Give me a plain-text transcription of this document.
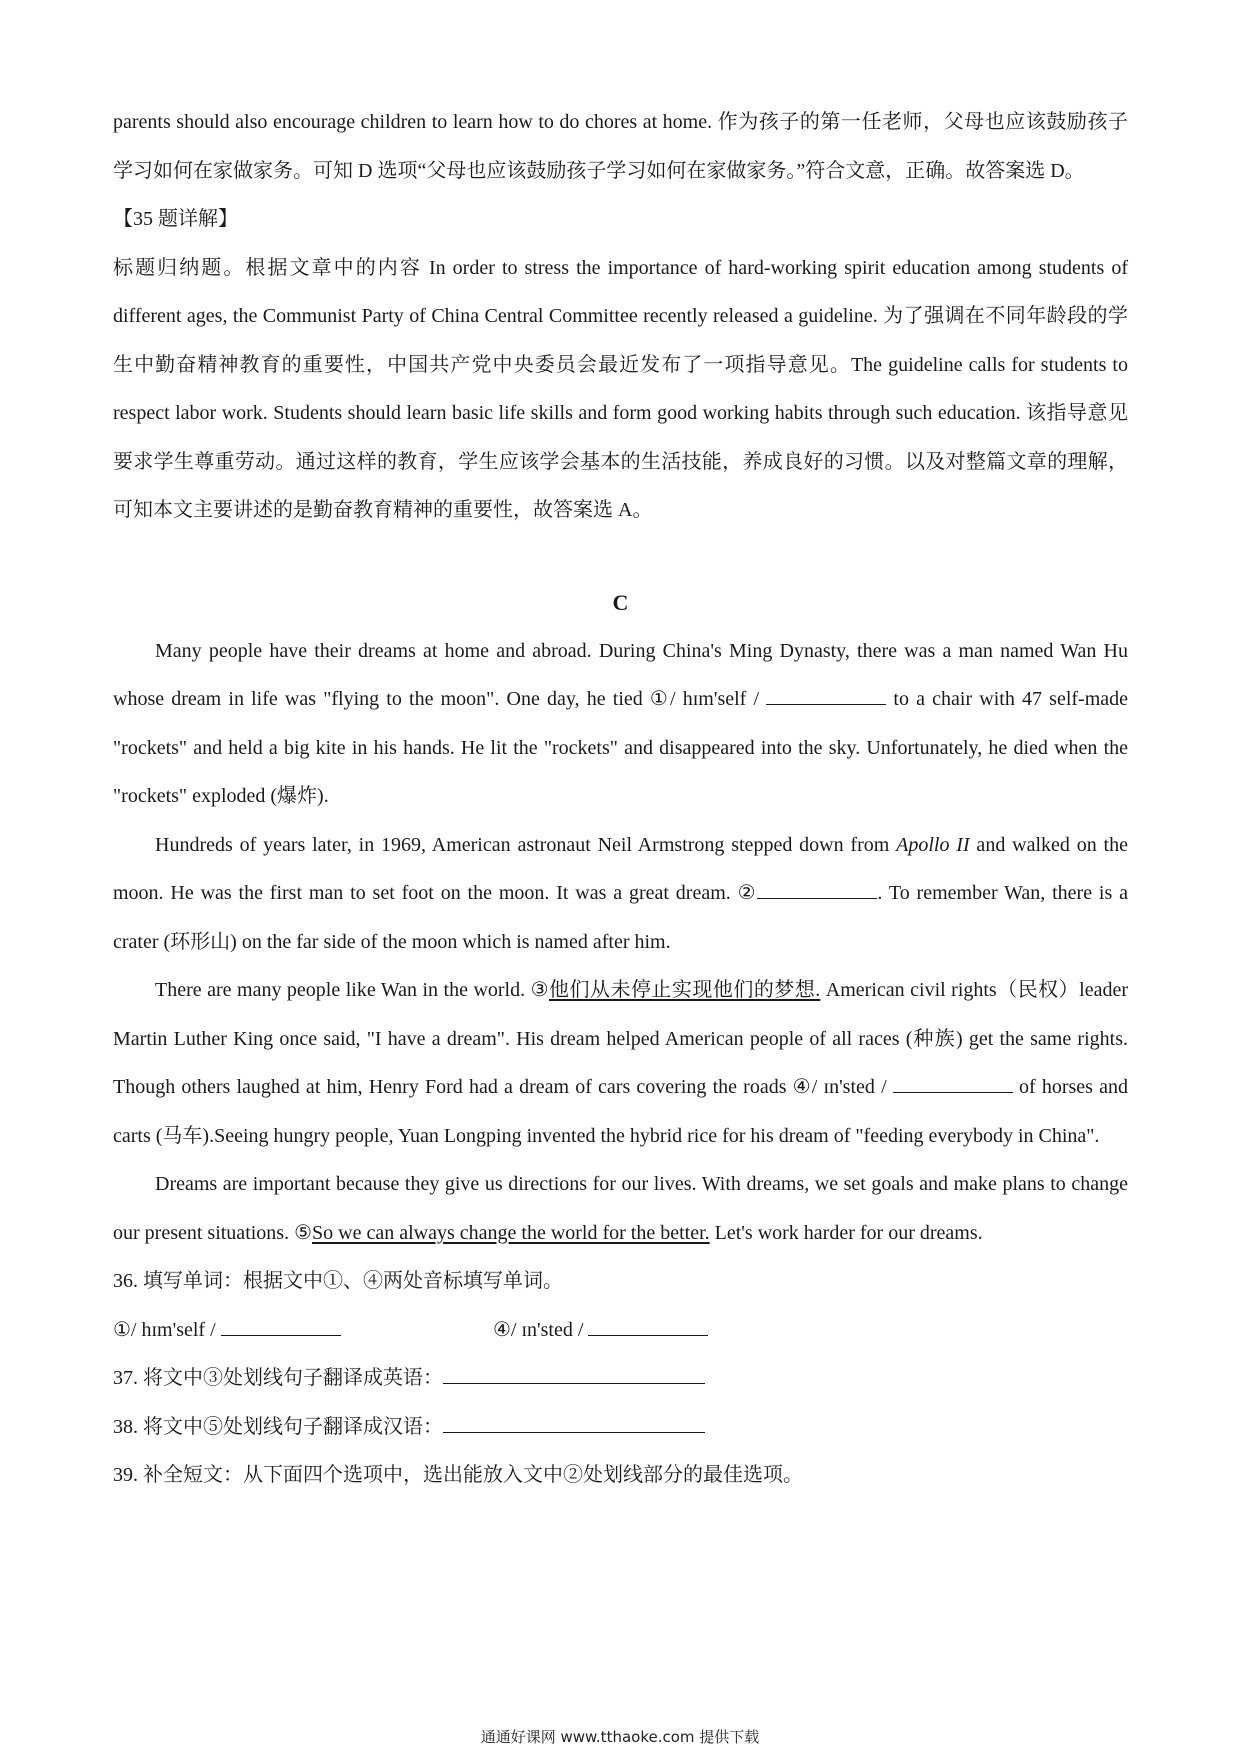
parents should also encourage children to learn how to do chores at home. 作为孩子的第一任老师，父母也应该鼓励孩子学习如何在家做家务。可知 D 选项“父母也应该鼓励孩子学习如何在家做家务。”符合文意，正确。故答案选 D。

【35 题详解】

标题归纳题。根据文章中的内容 In order to stress the importance of hard-working spirit education among students of different ages, the Communist Party of China Central Committee recently released a guideline. 为了强调在不同年龄段的学生中勤奋精神教育的重要性，中国共产党中央委员会最近发布了一项指导意见。The guideline calls for students to respect labor work. Students should learn basic life skills and form good working habits through such education. 该指导意见要求学生尊重劳动。通过这样的教育，学生应该学会基本的生活技能，养成良好的习惯。以及对整篇文章的理解，可知本文主要讲述的是勤奋教育精神的重要性，故答案选 A。

C

Many people have their dreams at home and abroad. During China's Ming Dynasty, there was a man named Wan Hu whose dream in life was "flying to the moon". One day, he tied ①/ hɪm'self /	to a chair with 47 self-made "rockets" and held a big kite in his hands. He lit the "rockets" and disappeared into the sky. Unfortunately, he died when the "rockets" exploded (爆炸).

Hundreds of years later, in 1969, American astronaut Neil Armstrong stepped down from Apollo II and walked on the moon. He was the first man to set foot on the moon. It was a great dream. ②	. To remember Wan, there is a crater (环形山) on the far side of the moon which is named after him.

There are many people like Wan in the world. ③他们从未停止实现他们的梦想. American civil rights（民权）leader Martin Luther King once said, "I have a dream". His dream helped American people of all races (种族) get the same rights. Though others laughed at him, Henry Ford had a dream of cars covering the roads ④/ ɪn'sted /	of horses and carts (马车).Seeing hungry people, Yuan Longping invented the hybrid rice for his dream of "feeding everybody in China".

Dreams are important because they give us directions for our lives. With dreams, we set goals and make plans to change our present situations. ⑤So we can always change the world for the better. Let's work harder for our dreams.

36. 填写单词：根据文中①、④两处音标填写单词。

①/ hɪm'self /	④/ ɪn'sted /

37. 将文中③处划线句子翻译成英语：

38. 将文中⑤处划线句子翻译成汉语：

39. 补全短文：从下面四个选项中，选出能放入文中②处划线部分的最佳选项。

通通好课网 www.tthaoke.com 提供下载
